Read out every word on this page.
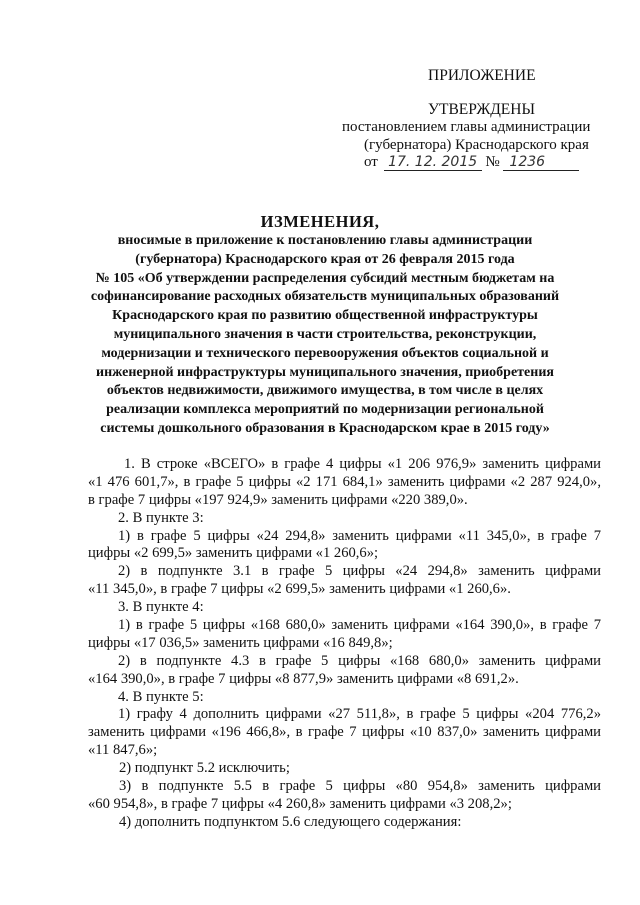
ПРИЛОЖЕНИЕ
УТВЕРЖДЕНЫ
постановлением главы администрации
(губернатора) Краснодарского края
от 17. 12. 2015 № 1236
ИЗМЕНЕНИЯ,
вносимые в приложение к постановлению главы администрации
(губернатора) Краснодарского края от 26 февраля 2015 года
№ 105 «Об утверждении распределения субсидий местным бюджетам на
софинансирование расходных обязательств муниципальных образований
Краснодарского края по развитию общественной инфраструктуры
муниципального значения в части строительства, реконструкции,
модернизации и технического перевооружения объектов социальной и
инженерной инфраструктуры муниципального значения, приобретения
объектов недвижимости, движимого имущества, в том числе в целях
реализации комплекса мероприятий по модернизации региональной
системы дошкольного образования в Краснодарском крае в 2015 году»
1. В строке «ВСЕГО» в графе 4 цифры «1 206 976,9» заменить цифрами
«1 476 601,7», в графе 5 цифры «2 171 684,1» заменить цифрами «2 287 924,0»,
в графе 7 цифры «197 924,9» заменить цифрами «220 389,0».
2. В пункте 3:
1) в графе 5 цифры «24 294,8» заменить цифрами «11 345,0», в графе 7
цифры «2 699,5» заменить цифрами «1 260,6»;
2) в подпункте 3.1 в графе 5 цифры «24 294,8» заменить цифрами
«11 345,0», в графе 7 цифры «2 699,5» заменить цифрами «1 260,6».
3. В пункте 4:
1) в графе 5 цифры «168 680,0» заменить цифрами «164 390,0», в графе 7
цифры «17 036,5» заменить цифрами «16 849,8»;
2) в подпункте 4.3 в графе 5 цифры «168 680,0» заменить цифрами
«164 390,0», в графе 7 цифры «8 877,9» заменить цифрами «8 691,2».
4. В пункте 5:
1) графу 4 дополнить цифрами «27 511,8», в графе 5 цифры «204 776,2»
заменить цифрами «196 466,8», в графе 7 цифры «10 837,0» заменить цифрами
«11 847,6»;
2) подпункт 5.2 исключить;
3) в подпункте 5.5 в графе 5 цифры «80 954,8» заменить цифрами
«60 954,8», в графе 7 цифры «4 260,8» заменить цифрами «3 208,2»;
4) дополнить подпунктом 5.6 следующего содержания:
